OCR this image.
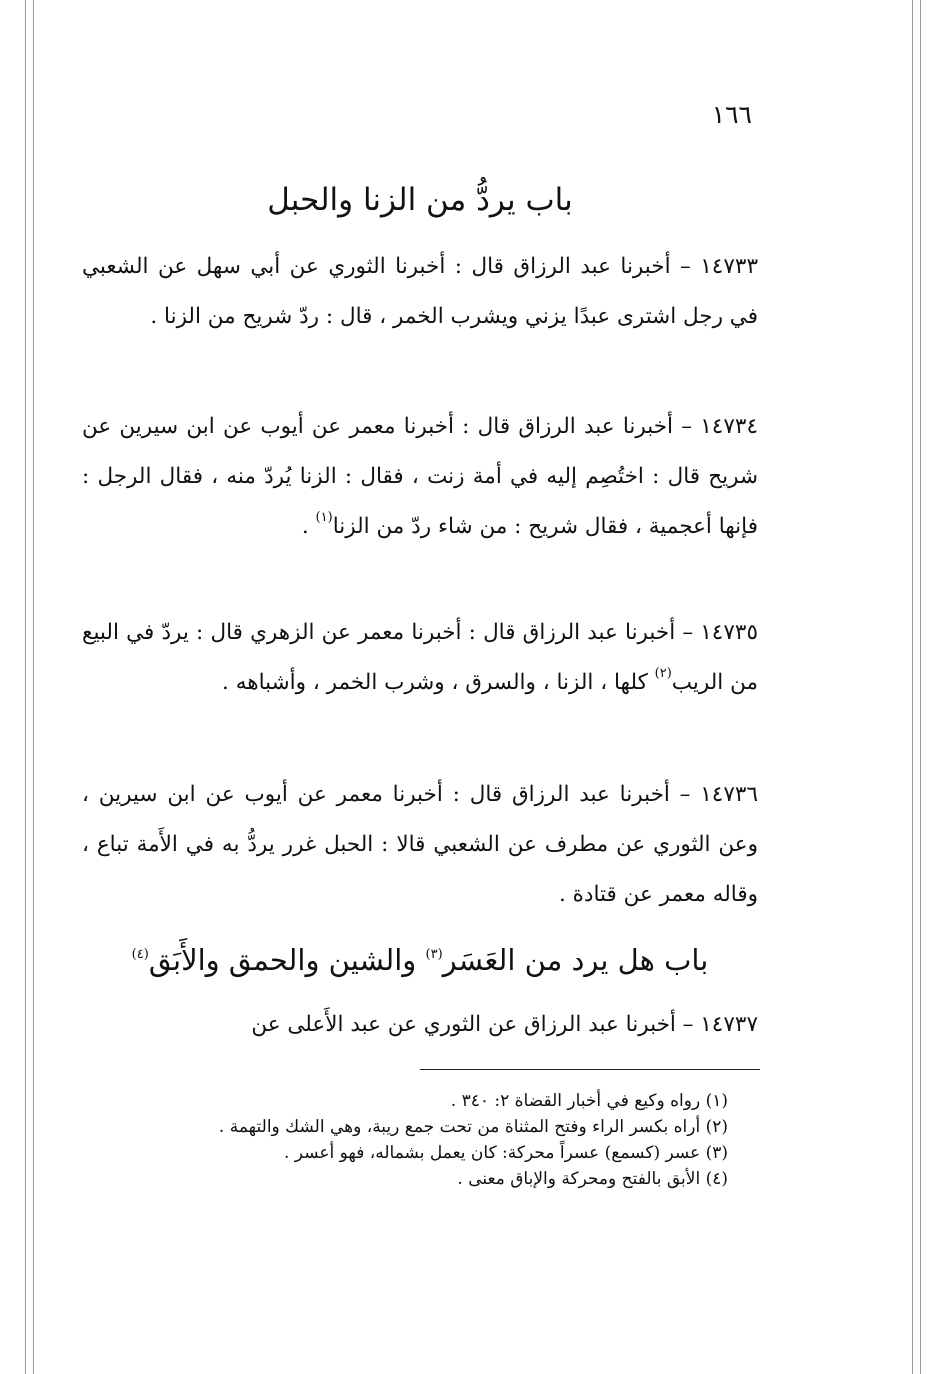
١٦٦
باب يردُّ من الزنا والحبل
١٤٧٣٣ – أخبرنا عبد الرزاق قال : أخبرنا الثوري عن أبي سهل عن الشعبي في رجل اشترى عبدًا يزني ويشرب الخمر ، قال : ردّ شريح من الزنا .
١٤٧٣٤ – أخبرنا عبد الرزاق قال : أخبرنا معمر عن أيوب عن ابن سيرين عن شريح قال : اختُصِم إليه في أمة زنت ، فقال : الزنا يُردّ منه ، فقال الرجل : فإنها أعجمية ، فقال شريح : من شاء ردّ من الزنا$^{(١)}$ .
١٤٧٣٥ – أخبرنا عبد الرزاق قال : أخبرنا معمر عن الزهري قال : يردّ في البيع من الريب$^{(٢)}$ كلها ، الزنا ، والسرق ، وشرب الخمر ، وأشباهه .
١٤٧٣٦ – أخبرنا عبد الرزاق قال : أخبرنا معمر عن أيوب عن ابن سيرين ، وعن الثوري عن مطرف عن الشعبي قالا : الحبل غرر يردُّ به في الأَمة تباع ، وقاله معمر عن قتادة .
باب هل يرد من العَسَر$^{(٣)}$ والشين والحمق والأَبَق$^{(٤)}$
١٤٧٣٧ – أخبرنا عبد الرزاق عن الثوري عن عبد الأَعلى عن
(١) رواه وكيع في أخبار القضاة ٢: ٣٤٠ .
(٢) أراه بكسر الراء وفتح المثناة من تحت جمع ريبة، وهي الشك والتهمة .
(٣) عسر (كسمع) عسراً محركة: كان يعمل بشماله، فهو أعسر .
(٤) الأبق بالفتح ومحركة والإباق معنى .
